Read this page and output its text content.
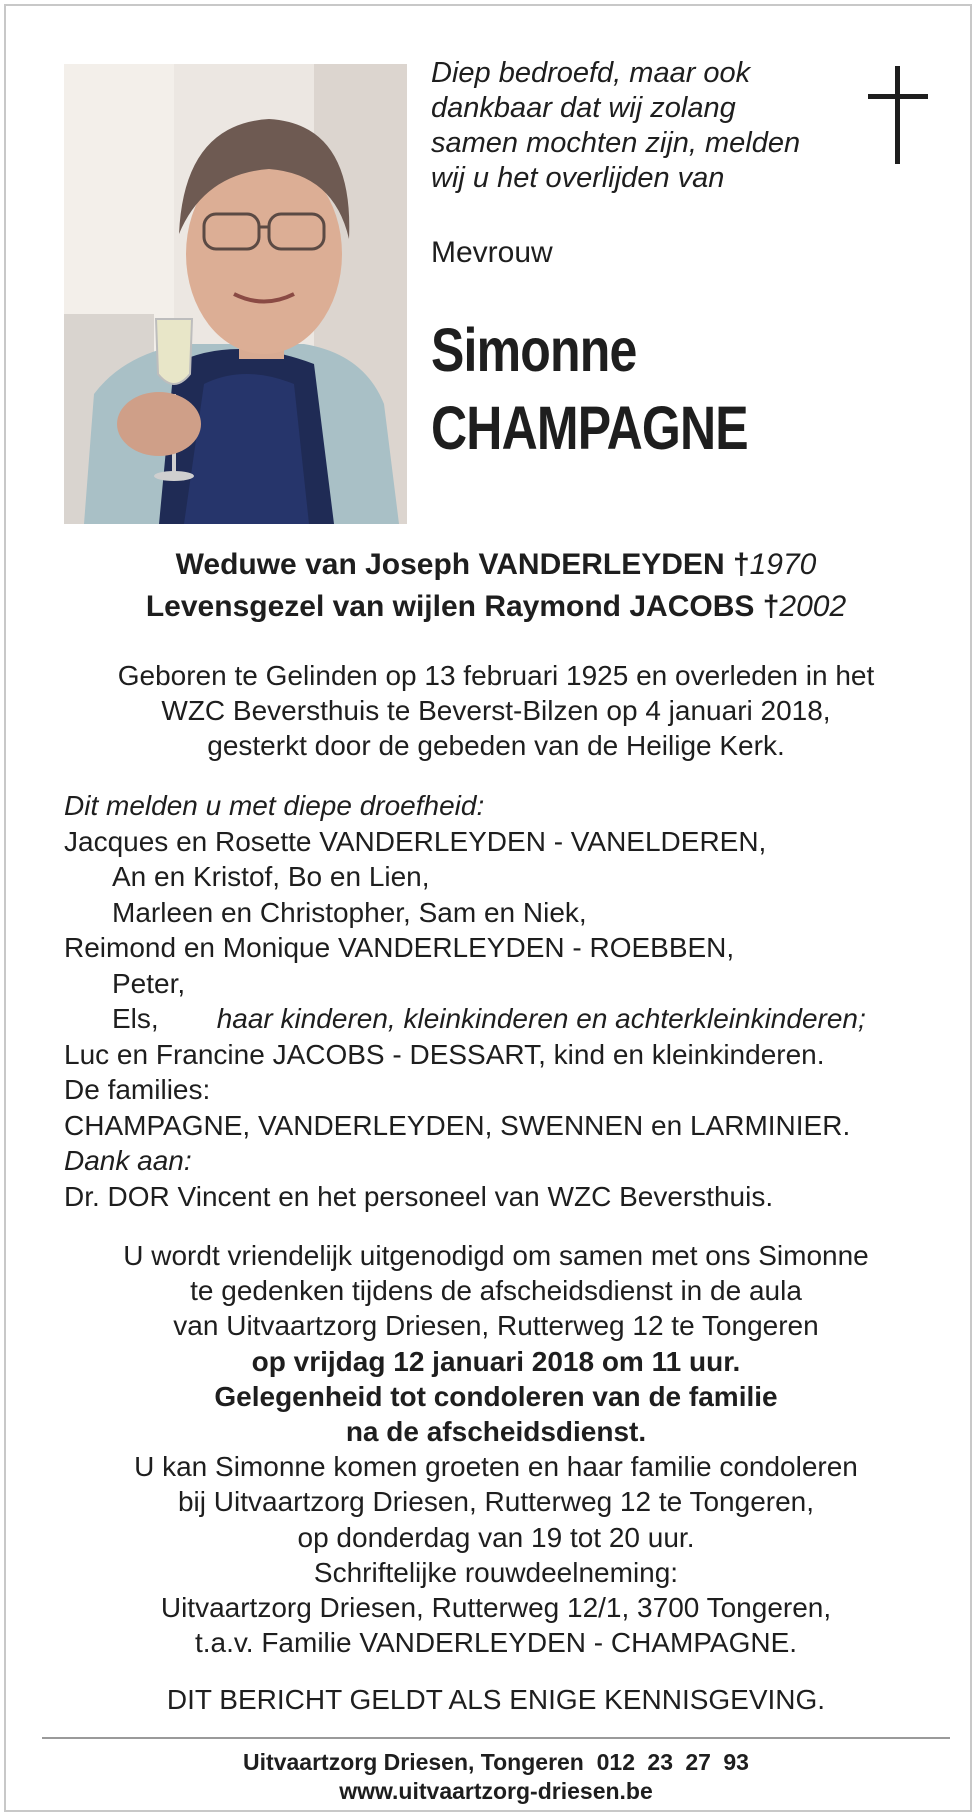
Diep bedroefd, maar ook
dankbaar dat wij zolang
samen mochten zijn, melden
wij u het overlijden van

Mevrouw

Simonne
CHAMPAGNE
Weduwe van Joseph VANDERLEYDEN †1970
Levensgezel van wijlen Raymond JACOBS †2002

Geboren te Gelinden op 13 februari 1925 en overleden in het
WZC Beversthuis te Beverst-Bilzen op 4 januari 2018,
gesterkt door de gebeden van de Heilige Kerk.

Dit melden u met diepe droefheid:
Jacques en Rosette VANDERLEYDEN - VANELDEREN,
An en Kristof, Bo en Lien,
Marleen en Christopher, Sam en Niek,
Reimond en Monique VANDERLEYDEN - ROEBBEN,
Peter,
Els, haar kinderen, kleinkinderen en achterkleinkinderen;
Luc en Francine JACOBS - DESSART, kind en kleinkinderen.
De families:
CHAMPAGNE, VANDERLEYDEN, SWENNEN en LARMINIER.
Dank aan:
Dr. DOR Vincent en het personeel van WZC Beversthuis.
U wordt vriendelijk uitgenodigd om samen met ons Simonne
te gedenken tijdens de afscheidsdienst in de aula
van Uitvaartzorg Driesen, Rutterweg 12 te Tongeren
op vrijdag 12 januari 2018 om 11 uur.
Gelegenheid tot condoleren van de familie
na de afscheidsdienst.
U kan Simonne komen groeten en haar familie condoleren
bij Uitvaartzorg Driesen, Rutterweg 12 te Tongeren,
op donderdag van 19 tot 20 uur.
Schriftelijke rouwdeelneming:
Uitvaartzorg Driesen, Rutterweg 12/1, 3700 Tongeren,
t.a.v. Familie VANDERLEYDEN - CHAMPAGNE.

DIT BERICHT GELDT ALS ENIGE KENNISGEVING.

Uitvaartzorg Driesen, Tongeren 012 23 27 93
www.uitvaartzorg-driesen.be
